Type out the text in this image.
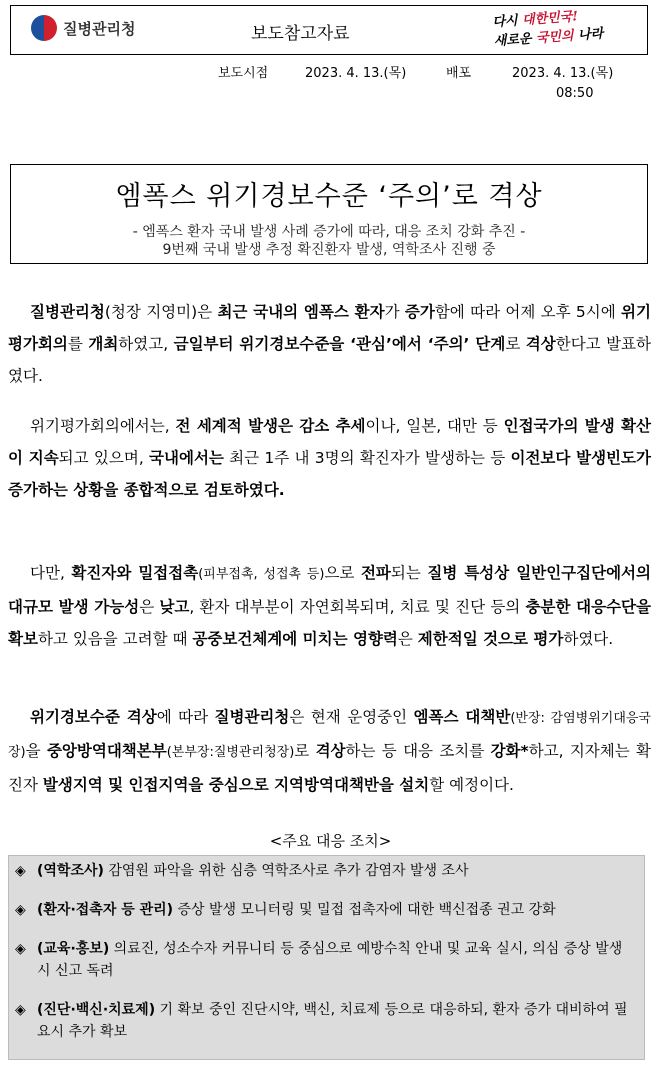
질병관리청	보도참고자료
다시 대한민국!
새로운 국민의 나라
보도시점	2023. 4. 13.(목)	배포	2023. 4. 13.(목)
08:50
엠폭스 위기경보수준 ‘주의’로 격상
- 엠폭스 환자 국내 발생 사례 증가에 따라, 대응 조치 강화 추진 -
9번째 국내 발생 추정 확진환자 발생, 역학조사 진행 중
질병관리청(청장 지영미)은 최근 국내의 엠폭스 환자가 증가함에 따라 어제 오후 5시에 위기평가회의를 개최하였고, 금일부터 위기경보수준을 ‘관심’에서 ‘주의’ 단계로 격상한다고 발표하였다.
위기평가회의에서는, 전 세계적 발생은 감소 추세이나, 일본, 대만 등 인접국가의 발생 확산이 지속되고 있으며, 국내에서는 최근 1주 내 3명의 확진자가 발생하는 등 이전보다 발생빈도가 증가하는 상황을 종합적으로 검토하였다.
다만, 확진자와 밀접접촉(피부접촉, 성접촉 등)으로 전파되는 질병 특성상 일반인구집단에서의 대규모 발생 가능성은 낮고, 환자 대부분이 자연회복되며, 치료 및 진단 등의 충분한 대응수단을 확보하고 있음을 고려할 때 공중보건체계에 미치는 영향력은 제한적일 것으로 평가하였다.
위기경보수준 격상에 따라 질병관리청은 현재 운영중인 엠폭스 대책반(반장: 감염병위기대응국장)을 중앙방역대책본부(본부장:질병관리청장)로 격상하는 등 대응 조치를 강화*하고, 지자체는 확진자 발생지역 및 인접지역을 중심으로 지역방역대책반을 설치할 예정이다.
<주요 대응 조치>
◈ (역학조사) 감염원 파악을 위한 심층 역학조사로 추가 감염자 발생 조사
◈ (환자·접촉자 등 관리) 증상 발생 모니터링 및 밀접 접촉자에 대한 백신접종 권고 강화
◈ (교육·홍보) 의료진, 성소수자 커뮤니티 등 중심으로 예방수칙 안내 및 교육 실시, 의심 증상 발생 시 신고 독려
◈ (진단·백신·치료제) 기 확보 중인 진단시약, 백신, 치료제 등으로 대응하되, 환자 증가 대비하여 필요시 추가 확보
